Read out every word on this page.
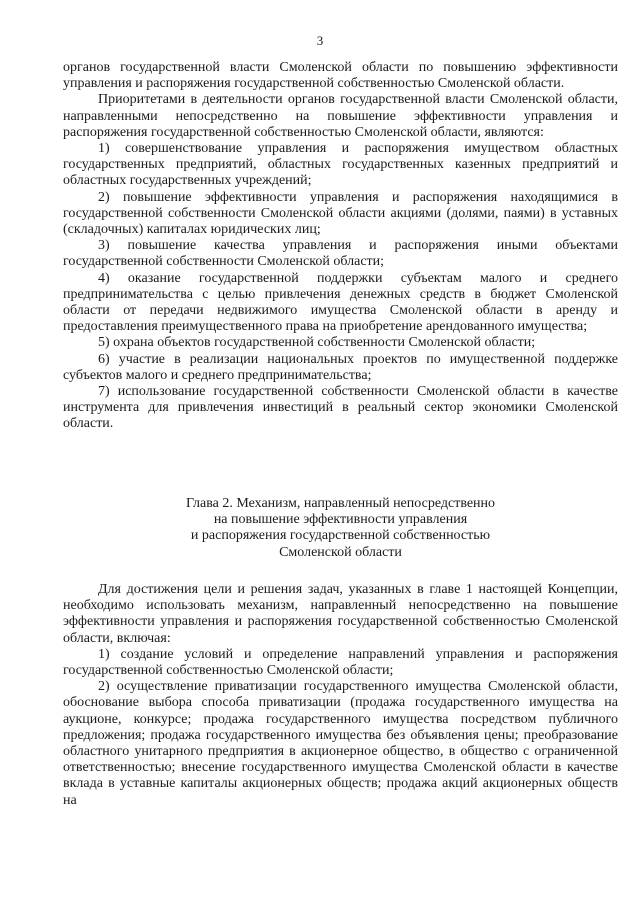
3

органов государственной власти Смоленской области по повышению эффективности управления и распоряжения государственной собственностью Смоленской области.

Приоритетами в деятельности органов государственной власти Смоленской области, направленными непосредственно на повышение эффективности управления и распоряжения государственной собственностью Смоленской области, являются:

1) совершенствование управления и распоряжения имуществом областных государственных предприятий, областных государственных казенных предприятий и областных государственных учреждений;

2) повышение эффективности управления и распоряжения находящимися в государственной собственности Смоленской области акциями (долями, паями) в уставных (складочных) капиталах юридических лиц;

3) повышение качества управления и распоряжения иными объектами государственной собственности Смоленской области;

4) оказание государственной поддержки субъектам малого и среднего предпринимательства с целью привлечения денежных средств в бюджет Смоленской области от передачи недвижимого имущества Смоленской области в аренду и предоставления преимущественного права на приобретение арендованного имущества;

5) охрана объектов государственной собственности Смоленской области;

6) участие в реализации национальных проектов по имущественной поддержке субъектов малого и среднего предпринимательства;

7) использование государственной собственности Смоленской области в качестве инструмента для привлечения инвестиций в реальный сектор экономики Смоленской области.

Глава 2. Механизм, направленный непосредственно
на повышение эффективности управления
и распоряжения государственной собственностью
Смоленской области

Для достижения цели и решения задач, указанных в главе 1 настоящей Концепции, необходимо использовать механизм, направленный непосредственно на повышение эффективности управления и распоряжения государственной собственностью Смоленской области, включая:

1) создание условий и определение направлений управления и распоряжения государственной собственностью Смоленской области;

2) осуществление приватизации государственного имущества Смоленской области, обоснование выбора способа приватизации (продажа государственного имущества на аукционе, конкурсе; продажа государственного имущества посредством публичного предложения; продажа государственного имущества без объявления цены; преобразование областного унитарного предприятия в акционерное общество, в общество с ограниченной ответственностью; внесение государственного имущества Смоленской области в качестве вклада в уставные капиталы акционерных обществ; продажа акций акционерных обществ на
